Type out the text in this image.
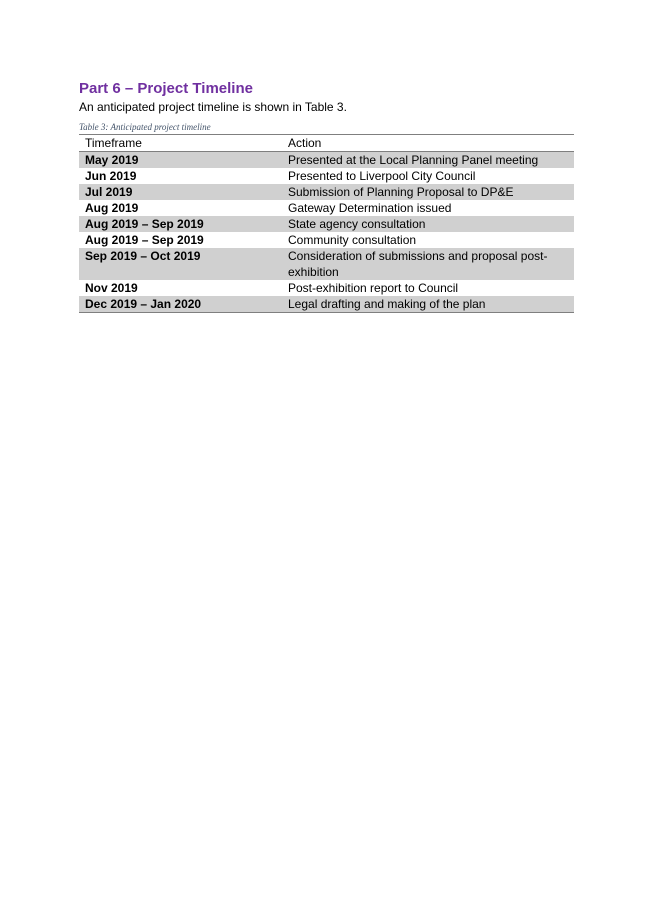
Part 6 – Project Timeline

An anticipated project timeline is shown in Table 3.

Table 3: Anticipated project timeline

Timeframe	Action
May 2019	Presented at the Local Planning Panel meeting
Jun 2019	Presented to Liverpool City Council
Jul 2019	Submission of Planning Proposal to DP&E
Aug 2019	Gateway Determination issued
Aug 2019 – Sep 2019	State agency consultation
Aug 2019 – Sep 2019	Community consultation
Sep 2019 – Oct 2019	Consideration of submissions and proposal post-exhibition
Nov 2019	Post-exhibition report to Council
Dec 2019 – Jan 2020	Legal drafting and making of the plan
